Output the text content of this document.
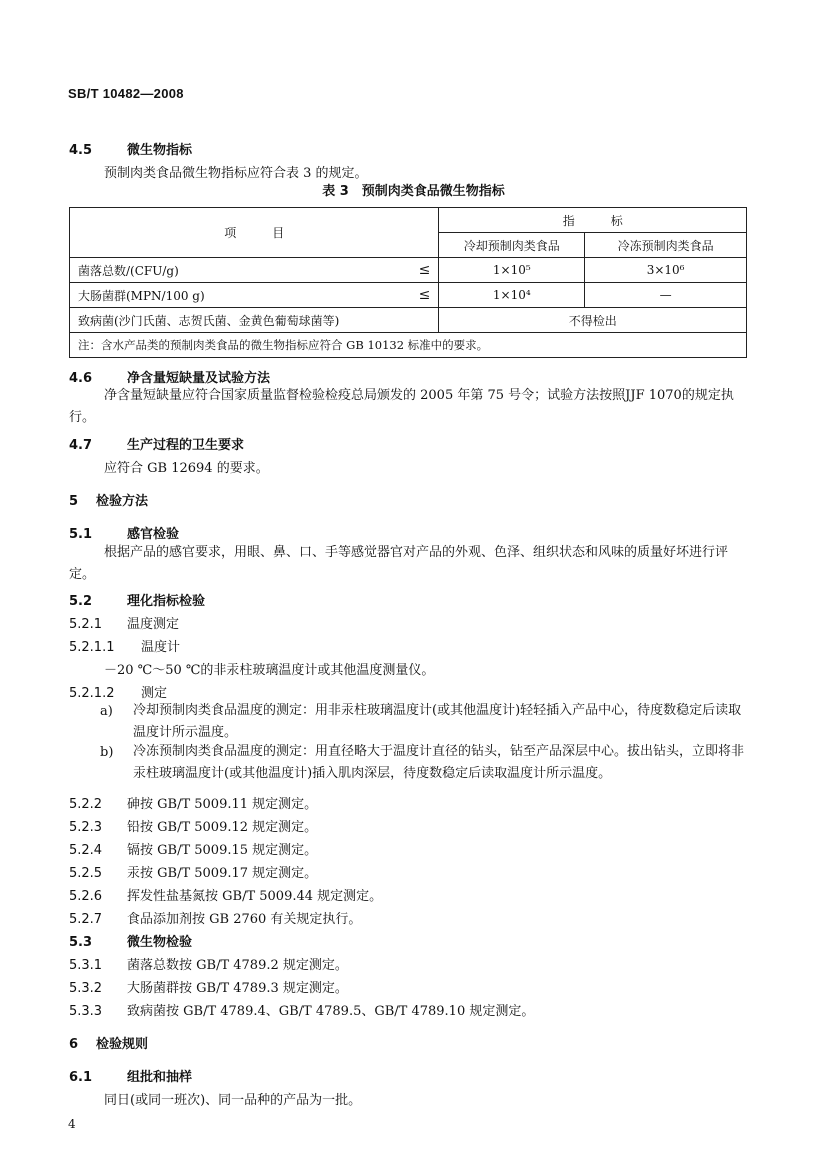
SB/T 10482—2008
4.5	微生物指标
预制肉类食品微生物指标应符合表 3 的规定。
表 3　预制肉类食品微生物指标
项　　　目	指　　　标	
	冷却预制肉类食品	冷冻预制肉类食品
菌落总数/(CFU/g) ≤	1×10⁵	3×10⁶
大肠菌群(MPN/100 g) ≤	1×10⁴	—
致病菌(沙门氏菌、志贺氏菌、金黄色葡萄球菌等)	不得检出	
注：含水产品类的预制肉类食品的微生物指标应符合 GB 10132 标准中的要求。		
4.6	净含量短缺量及试验方法
净含量短缺量应符合国家质量监督检验检疫总局颁发的 2005 年第 75 号令；试验方法按照JJF 1070的规定执行。
4.7	生产过程的卫生要求
应符合 GB 12694 的要求。
5 检验方法
5.1	感官检验
根据产品的感官要求，用眼、鼻、口、手等感觉器官对产品的外观、色泽、组织状态和风味的质量好坏进行评定。
5.2	理化指标检验
5.2.1 温度测定
5.2.1.1 温度计
－20 ℃～50 ℃的非汞柱玻璃温度计或其他温度测量仪。
5.2.1.2 测定
a) 冷却预制肉类食品温度的测定：用非汞柱玻璃温度计(或其他温度计)轻轻插入产品中心，待度数稳定后读取温度计所示温度。
b) 冷冻预制肉类食品温度的测定：用直径略大于温度计直径的钻头，钻至产品深层中心。拔出钻头，立即将非汞柱玻璃温度计(或其他温度计)插入肌肉深层，待度数稳定后读取温度计所示温度。
5.2.2 砷按 GB/T 5009.11 规定测定。
5.2.3 铅按 GB/T 5009.12 规定测定。
5.2.4 镉按 GB/T 5009.15 规定测定。
5.2.5 汞按 GB/T 5009.17 规定测定。
5.2.6 挥发性盐基氮按 GB/T 5009.44 规定测定。
5.2.7 食品添加剂按 GB 2760 有关规定执行。
5.3	微生物检验
5.3.1 菌落总数按 GB/T 4789.2 规定测定。
5.3.2 大肠菌群按 GB/T 4789.3 规定测定。
5.3.3 致病菌按 GB/T 4789.4、GB/T 4789.5、GB/T 4789.10 规定测定。
6 检验规则
6.1	组批和抽样
同日(或同一班次)、同一品种的产品为一批。
4
